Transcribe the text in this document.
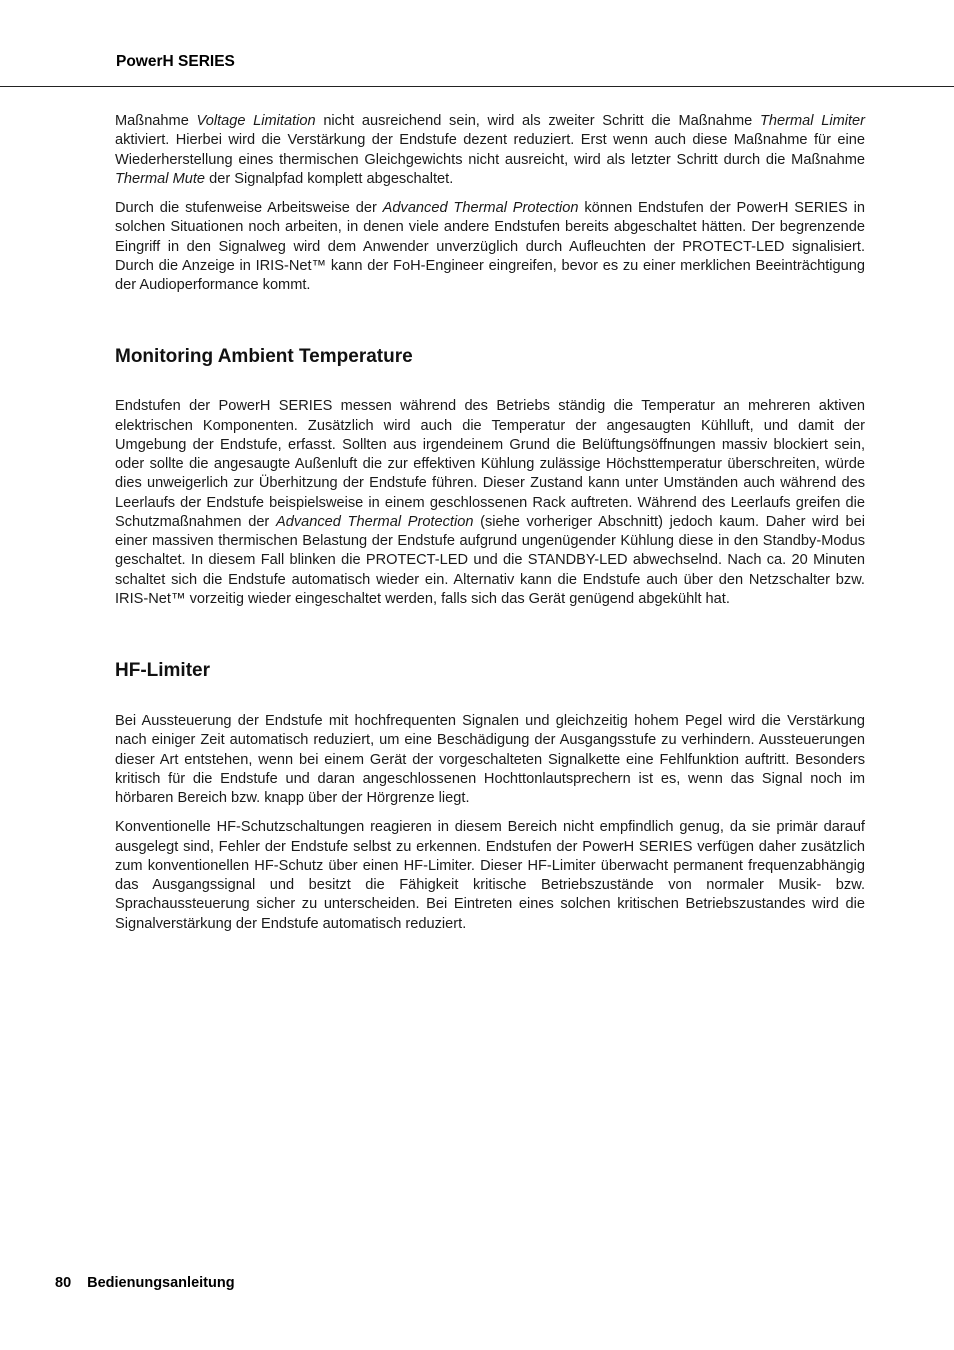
PowerH SERIES

Maßnahme Voltage Limitation nicht ausreichend sein, wird als zweiter Schritt die Maßnahme Thermal Limiter aktiviert. Hierbei wird die Verstärkung der Endstufe dezent reduziert. Erst wenn auch diese Maßnahme für eine Wiederherstellung eines thermischen Gleichgewichts nicht ausreicht, wird als letzter Schritt durch die Maßnahme Thermal Mute der Signalpfad komplett abgeschaltet.

Durch die stufenweise Arbeitsweise der Advanced Thermal Protection können Endstufen der PowerH SERIES in solchen Situationen noch arbeiten, in denen viele andere Endstufen bereits abgeschaltet hätten. Der begrenzende Eingriff in den Signalweg wird dem Anwender unverzüglich durch Aufleuchten der PROTECT-LED signalisiert. Durch die Anzeige in IRIS-Net™ kann der FoH-Engineer eingreifen, bevor es zu einer merklichen Beeinträchtigung der Audioperformance kommt.

Monitoring Ambient Temperature

Endstufen der PowerH SERIES messen während des Betriebs ständig die Temperatur an mehreren aktiven elektrischen Komponenten. Zusätzlich wird auch die Temperatur der angesaugten Kühlluft, und damit der Umgebung der Endstufe, erfasst. Sollten aus irgendeinem Grund die Belüftungsöffnungen massiv blockiert sein, oder sollte die angesaugte Außenluft die zur effektiven Kühlung zulässige Höchsttemperatur überschreiten, würde dies unweigerlich zur Überhitzung der Endstufe führen. Dieser Zustand kann unter Umständen auch während des Leerlaufs der Endstufe beispielsweise in einem geschlossenen Rack auftreten. Während des Leerlaufs greifen die Schutzmaßnahmen der Advanced Thermal Protection (siehe vorheriger Abschnitt) jedoch kaum. Daher wird bei einer massiven thermischen Belastung der Endstufe aufgrund ungenügender Kühlung diese in den Standby-Modus geschaltet. In diesem Fall blinken die PROTECT-LED und die STANDBY-LED abwechselnd. Nach ca. 20 Minuten schaltet sich die Endstufe automatisch wieder ein. Alternativ kann die Endstufe auch über den Netzschalter bzw. IRIS-Net™ vorzeitig wieder eingeschaltet werden, falls sich das Gerät genügend abgekühlt hat.

HF-Limiter

Bei Aussteuerung der Endstufe mit hochfrequenten Signalen und gleichzeitig hohem Pegel wird die Verstärkung nach einiger Zeit automatisch reduziert, um eine Beschädigung der Ausgangsstufe zu verhindern. Aussteuerungen dieser Art entstehen, wenn bei einem Gerät der vorgeschalteten Signalkette eine Fehlfunktion auftritt. Besonders kritisch für die Endstufe und daran angeschlossenen Hochttonlautsprechern ist es, wenn das Signal noch im hörbaren Bereich bzw. knapp über der Hörgrenze liegt.

Konventionelle HF-Schutzschaltungen reagieren in diesem Bereich nicht empfindlich genug, da sie primär darauf ausgelegt sind, Fehler der Endstufe selbst zu erkennen. Endstufen der PowerH SERIES verfügen daher zusätzlich zum konventionellen HF-Schutz über einen HF-Limiter. Dieser HF-Limiter überwacht permanent frequenzabhängig das Ausgangssignal und besitzt die Fähigkeit kritische Betriebszustände von normaler Musik- bzw. Sprachaussteuerung sicher zu unterscheiden. Bei Eintreten eines solchen kritischen Betriebszustandes wird die Signalverstärkung der Endstufe automatisch reduziert.

80 Bedienungsanleitung
